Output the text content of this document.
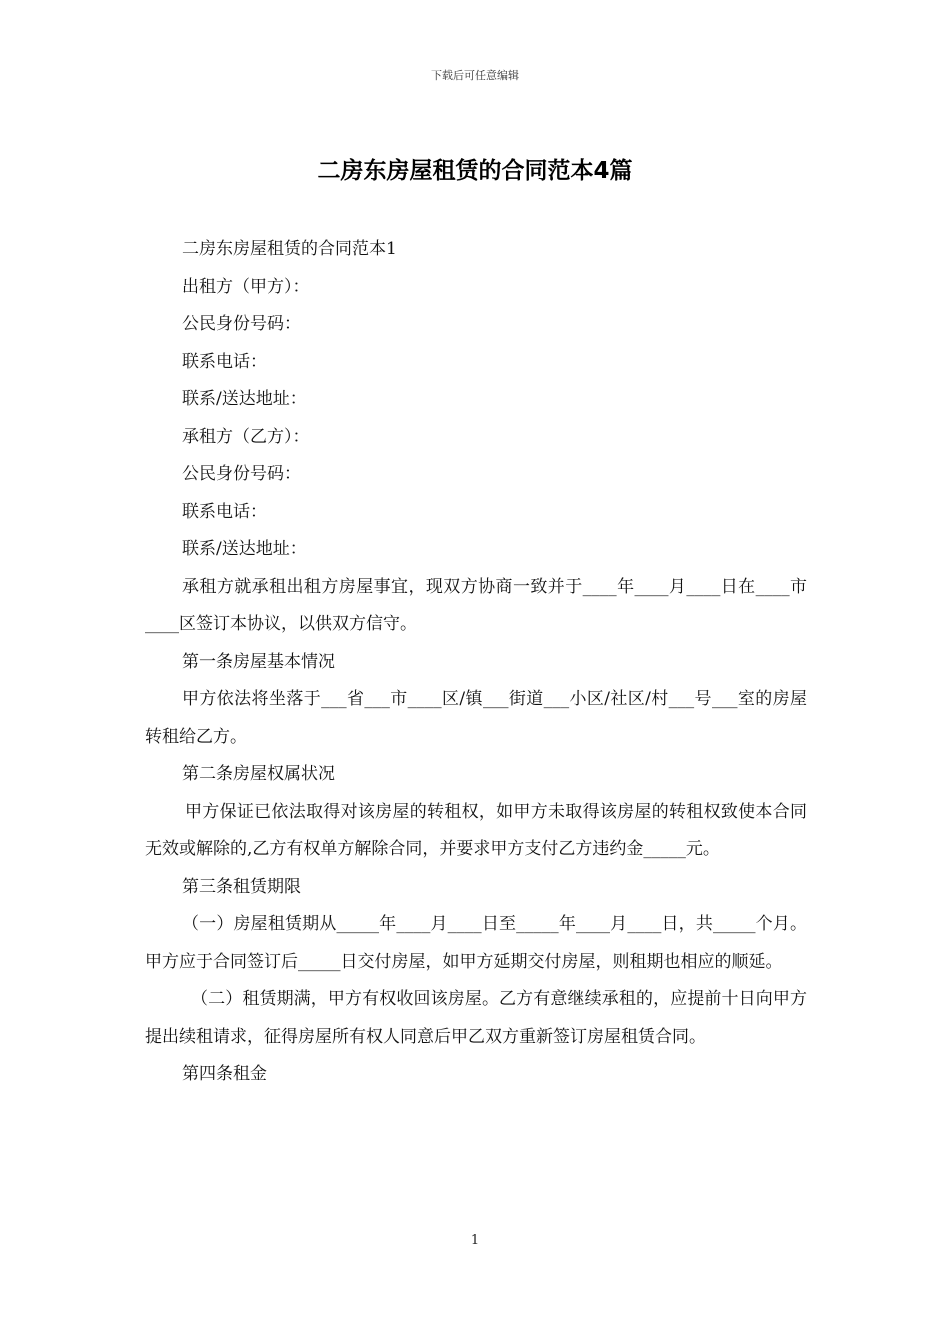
下载后可任意编辑
二房东房屋租赁的合同范本4篇

二房东房屋租赁的合同范本1

出租方（甲方）：

公民身份号码：

联系电话：

联系/送达地址：

承租方（乙方）：

公民身份号码：

联系电话：

联系/送达地址：

承租方就承租出租方房屋事宜，现双方协商一致并于____年____月____日在____市____区签订本协议，以供双方信守。

第一条房屋基本情况

甲方依法将坐落于___省___市____区/镇___街道___小区/社区/村___号___室的房屋转租给乙方。

第二条房屋权属状况

甲方保证已依法取得对该房屋的转租权，如甲方未取得该房屋的转租权致使本合同无效或解除的,乙方有权单方解除合同，并要求甲方支付乙方违约金_____元。

第三条租赁期限

（一）房屋租赁期从_____年____月____日至_____年____月____日，共_____个月。甲方应于合同签订后_____日交付房屋，如甲方延期交付房屋，则租期也相应的顺延。

（二）租赁期满，甲方有权收回该房屋。乙方有意继续承租的，应提前十日向甲方提出续租请求，征得房屋所有权人同意后甲乙双方重新签订房屋租赁合同。

第四条租金

1
